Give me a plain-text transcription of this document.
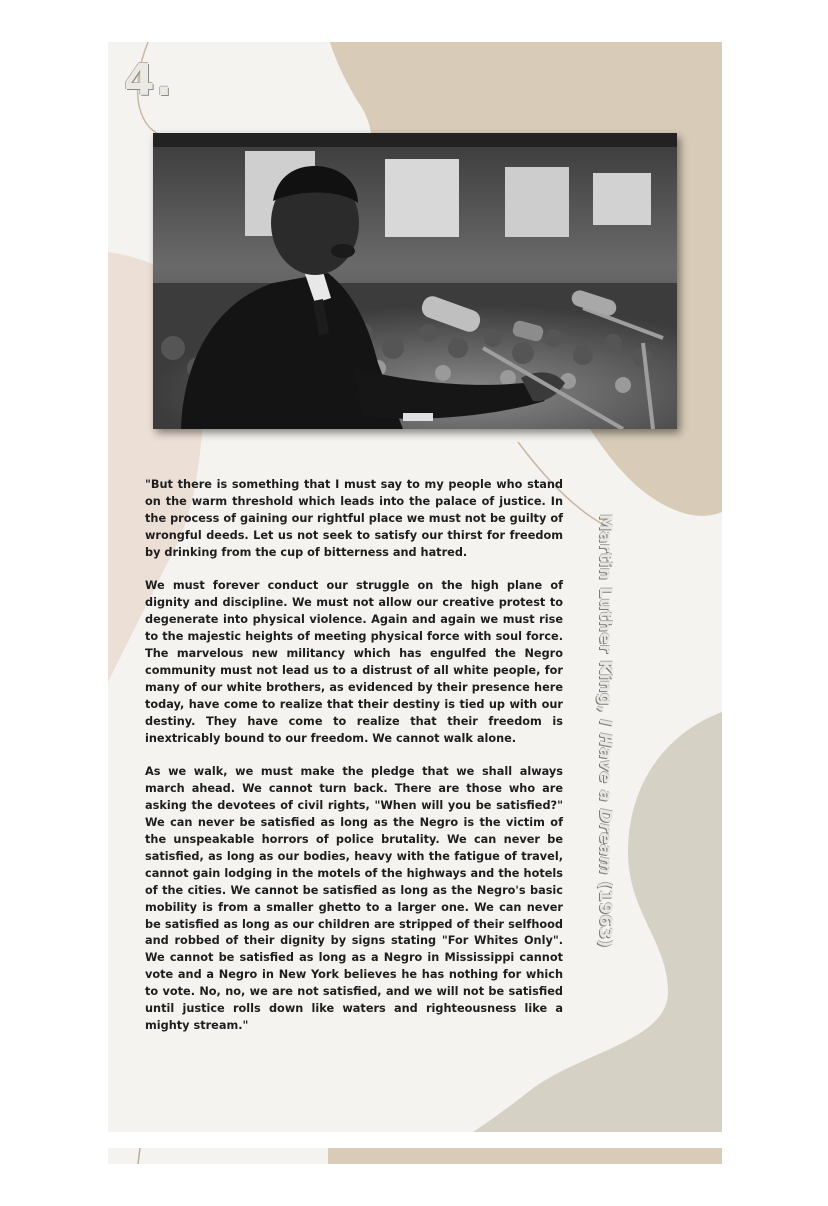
4.
Martin Luther King, I Have a Dream (1963)

"But there is something that I must say to my people who stand on the warm threshold which leads into the palace of justice. In the process of gaining our rightful place we must not be guilty of wrongful deeds. Let us not seek to satisfy our thirst for freedom by drinking from the cup of bitterness and hatred.

We must forever conduct our struggle on the high plane of dignity and discipline. We must not allow our creative protest to degenerate into physical violence. Again and again we must rise to the majestic heights of meeting physical force with soul force. The marvelous new militancy which has engulfed the Negro community must not lead us to a distrust of all white people, for many of our white brothers, as evidenced by their presence here today, have come to realize that their destiny is tied up with our destiny. They have come to realize that their freedom is inextricably bound to our freedom. We cannot walk alone.

As we walk, we must make the pledge that we shall always march ahead. We cannot turn back. There are those who are asking the devotees of civil rights, "When will you be satisfied?" We can never be satisfied as long as the Negro is the victim of the unspeakable horrors of police brutality. We can never be satisfied, as long as our bodies, heavy with the fatigue of travel, cannot gain lodging in the motels of the highways and the hotels of the cities. We cannot be satisfied as long as the Negro's basic mobility is from a smaller ghetto to a larger one. We can never be satisfied as long as our children are stripped of their selfhood and robbed of their dignity by signs stating "For Whites Only". We cannot be satisfied as long as a Negro in Mississippi cannot vote and a Negro in New York believes he has nothing for which to vote. No, no, we are not satisfied, and we will not be satisfied until justice rolls down like waters and righteousness like a mighty stream."
